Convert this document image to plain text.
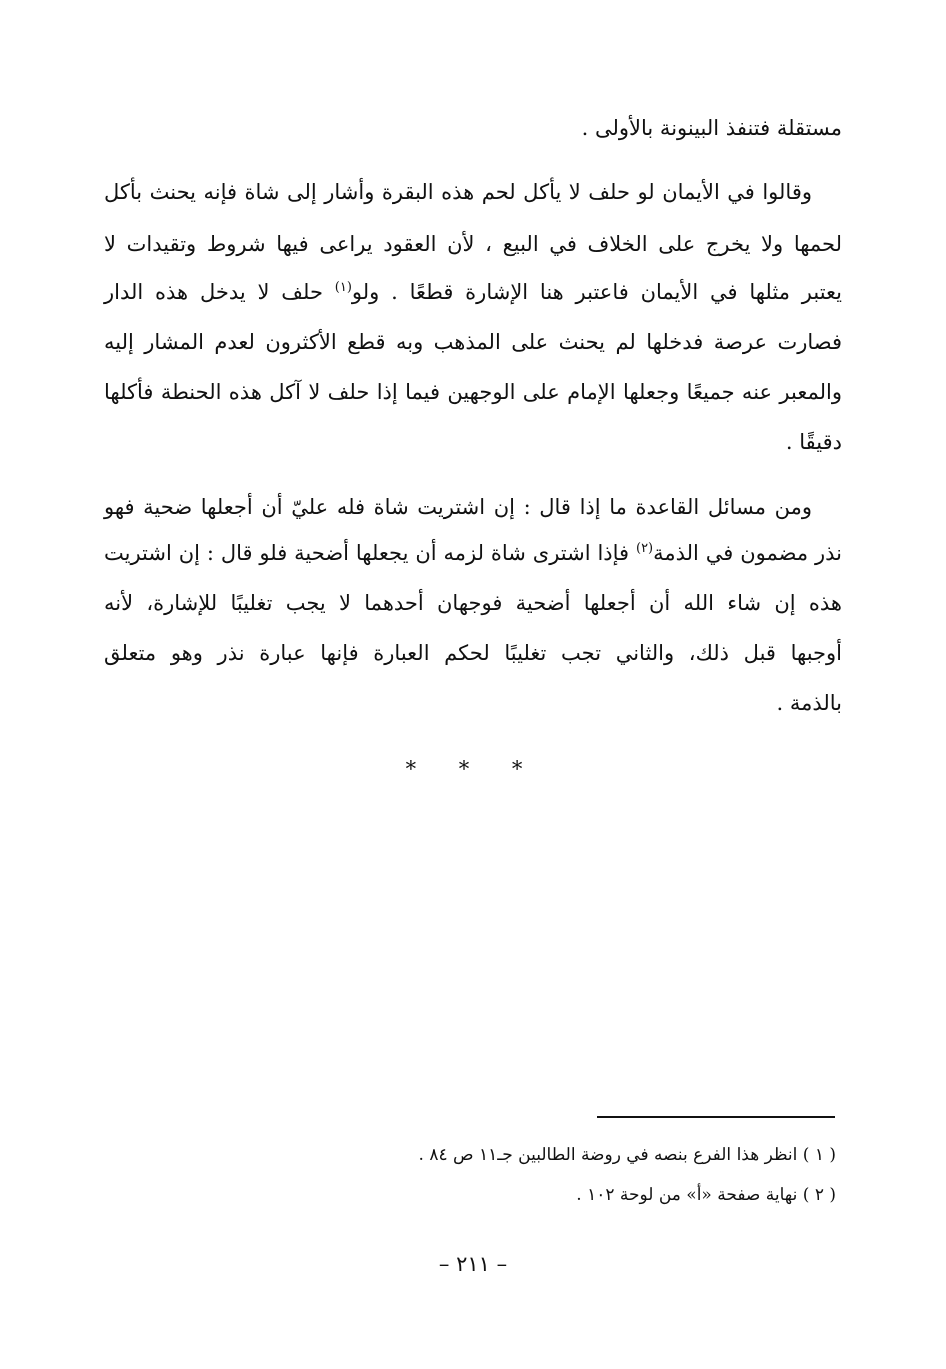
مستقلة فتنفذ البينونة بالأولى .
وقالوا في الأيمان لو حلف لا يأكل لحم هذه البقرة وأشار إلى شاة فإنه يحنث بأكل
لحمها ولا يخرج على الخلاف في البيع ، لأن العقود يراعى فيها شروط وتقيدات لا
يعتبر مثلها في الأيمان فاعتبر هنا الإشارة قطعًا . ولو$^{(١)}$ حلف لا يدخل هذه الدار
فصارت عرصة فدخلها لم يحنث على المذهب وبه قطع الأكثرون لعدم المشار إليه
والمعبر عنه جميعًا وجعلها الإمام على الوجهين فيما إذا حلف لا آكل هذه الحنطة فأكلها
دقيقًا .
ومن مسائل القاعدة ما إذا قال : إن اشتريت شاة فله عليّ أن أجعلها ضحية فهو
نذر مضمون في الذمة$^{(٢)}$ فإذا اشترى شاة لزمه أن يجعلها أضحية فلو قال : إن اشتريت
هذه إن شاء الله أن أجعلها أضحية فوجهان أحدهما لا يجب تغليبًا للإشارة، لأنه
أوجبها قبل ذلك، والثاني تجب تغليبًا لحكم العبارة فإنها عبارة نذر وهو متعلق
بالذمة .
* * *
( ١ ) انظر هذا الفرع بنصه في روضة الطالبين جـ١١ ص ٨٤ .
( ٢ ) نهاية صفحة «أ» من لوحة ١٠٢ .
– ٢١١ –
